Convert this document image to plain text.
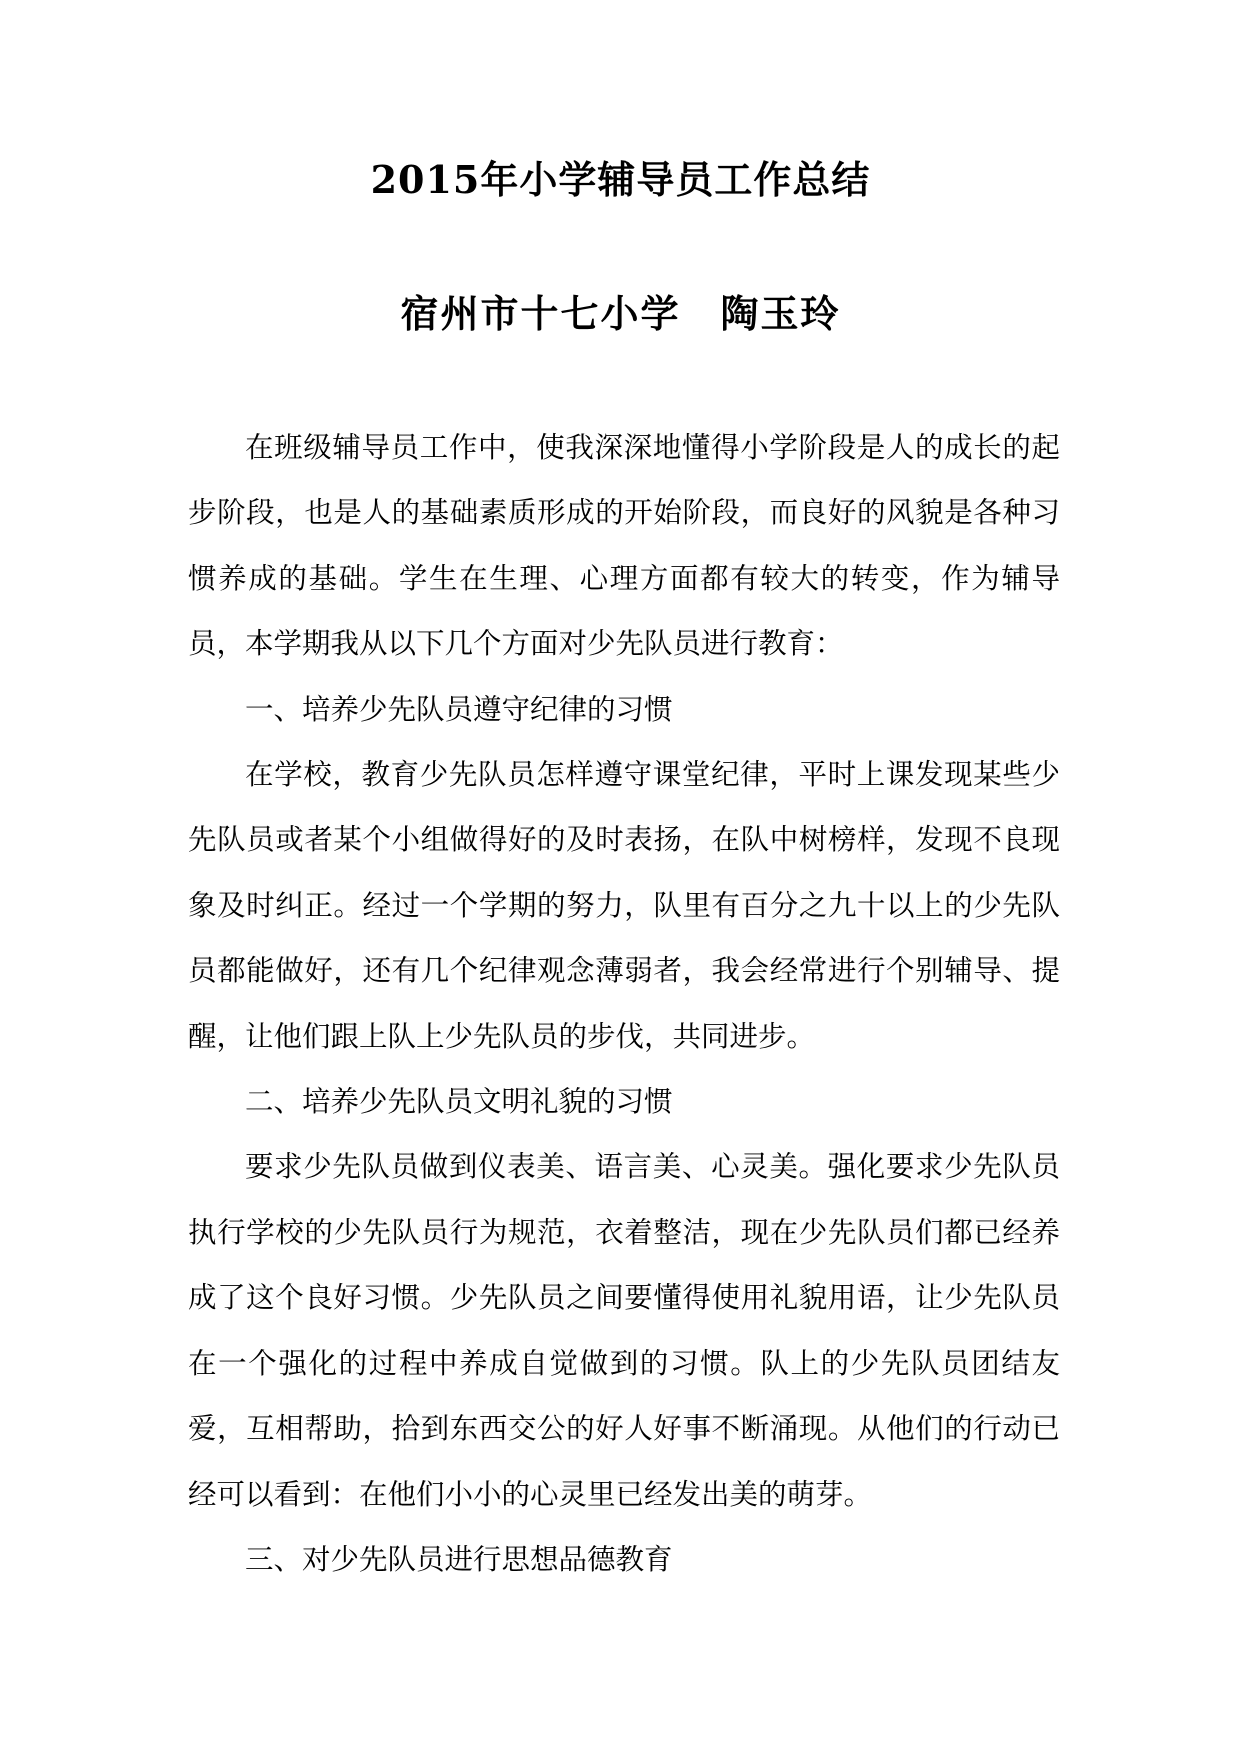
2015年小学辅导员工作总结
宿州市十七小学 陶玉玲

在班级辅导员工作中，使我深深地懂得小学阶段是人的成长的起步阶段，也是人的基础素质形成的开始阶段，而良好的风貌是各种习惯养成的基础。学生在生理、心理方面都有较大的转变，作为辅导员，本学期我从以下几个方面对少先队员进行教育：

一、培养少先队员遵守纪律的习惯

在学校，教育少先队员怎样遵守课堂纪律，平时上课发现某些少先队员或者某个小组做得好的及时表扬，在队中树榜样，发现不良现象及时纠正。经过一个学期的努力，队里有百分之九十以上的少先队员都能做好，还有几个纪律观念薄弱者，我会经常进行个别辅导、提醒，让他们跟上队上少先队员的步伐，共同进步。

二、培养少先队员文明礼貌的习惯

要求少先队员做到仪表美、语言美、心灵美。强化要求少先队员执行学校的少先队员行为规范，衣着整洁，现在少先队员们都已经养成了这个良好习惯。少先队员之间要懂得使用礼貌用语，让少先队员在一个强化的过程中养成自觉做到的习惯。队上的少先队员团结友爱，互相帮助，拾到东西交公的好人好事不断涌现。从他们的行动已经可以看到：在他们小小的心灵里已经发出美的萌芽。

三、对少先队员进行思想品德教育
